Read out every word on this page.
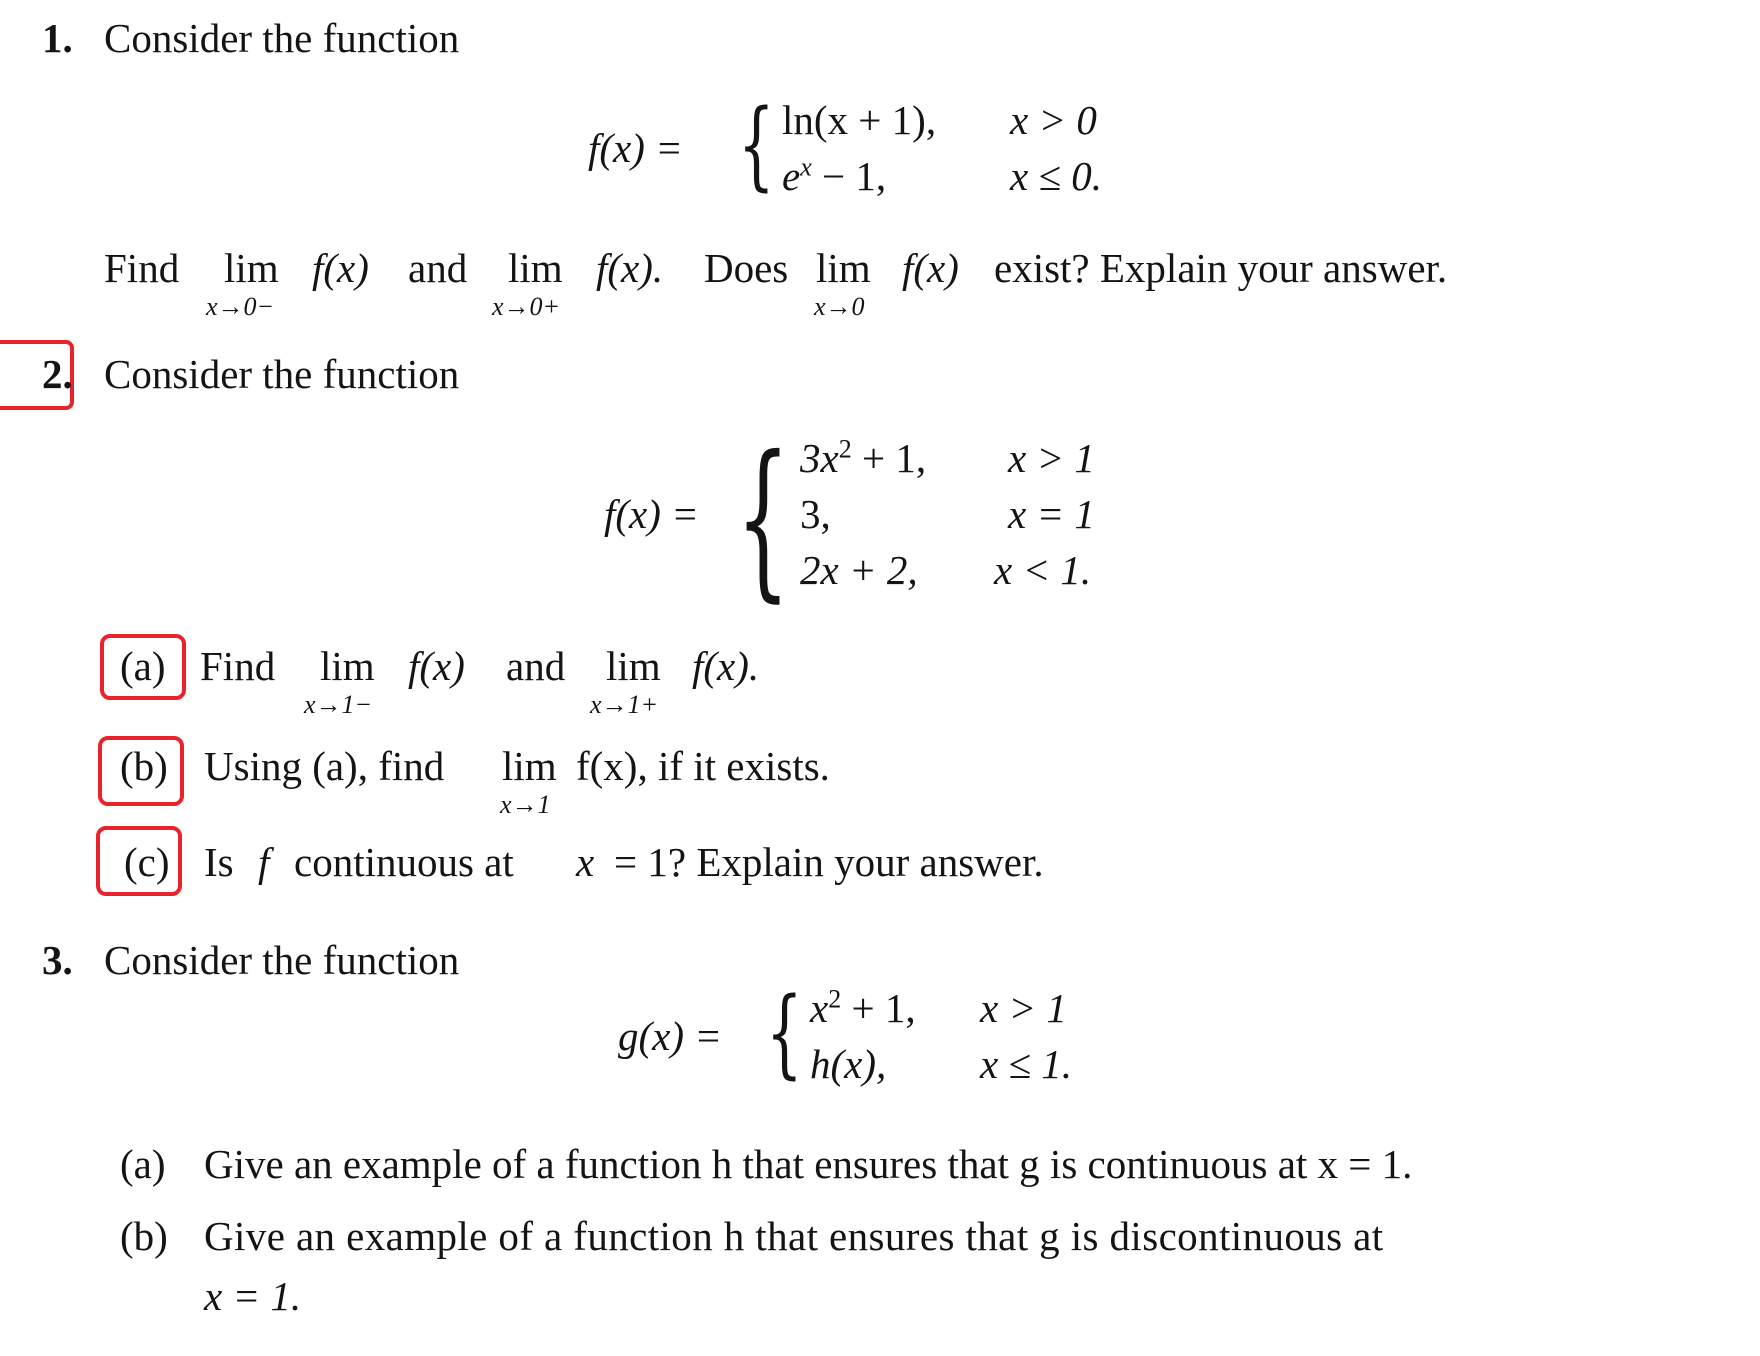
1. Consider the function
f(x) = { ln(x + 1), x > 0
$e^x - 1$,	x ≤ 0.
Find lim
x→0−
f(x) and lim
x→0+
f(x). Does lim
x→0
f(x) exist? Explain your answer.
2. Consider the function
f(x) = { $3x^2 + 1$, x > 1
3,	x = 1
2x + 2, x < 1.
(a) Find lim
x→1−
f(x) and lim
x→1+
f(x).
(b) Using (a), find lim
x→1
f(x), if it exists.
(c) Is f continuous at x = 1? Explain your answer.
3. Consider the function
g(x) = { $x^2 + 1$, x > 1
h(x), x ≤ 1.
(a) Give an example of a function h that ensures that g is continuous at x = 1.
(b) Give an example of a function h that ensures that g is discontinuous at
x = 1.
